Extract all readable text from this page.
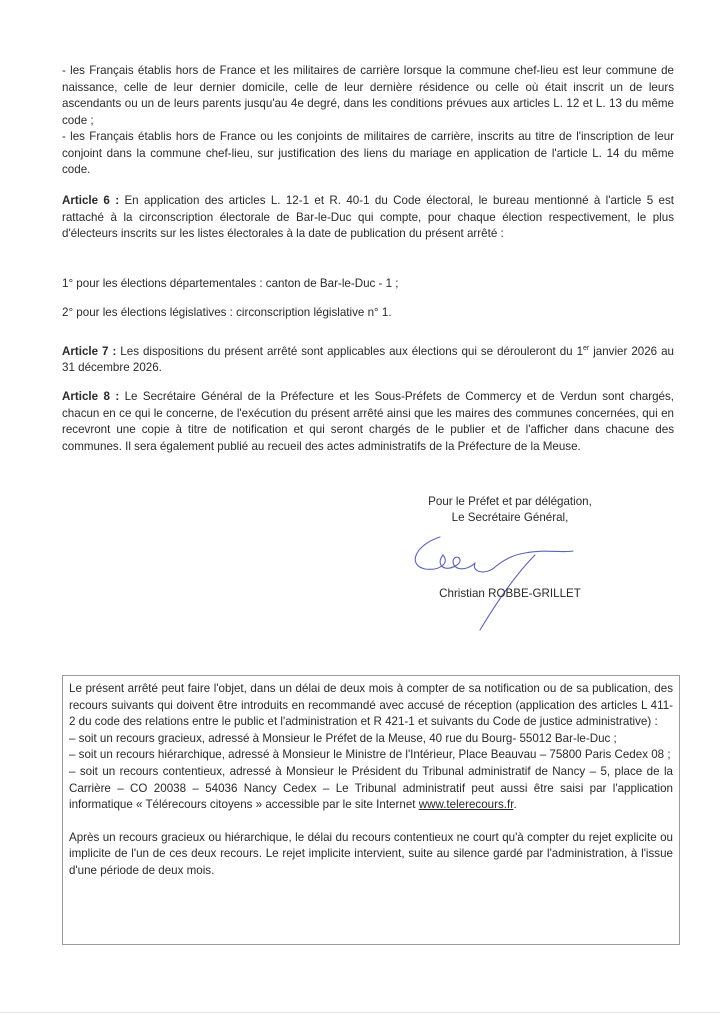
- les Français établis hors de France et les militaires de carrière lorsque la commune chef-lieu est leur commune de naissance, celle de leur dernier domicile, celle de leur dernière résidence ou celle où était inscrit un de leurs ascendants ou un de leurs parents jusqu'au 4e degré, dans les conditions prévues aux articles L. 12 et L. 13 du même code ;

- les Français établis hors de France ou les conjoints de militaires de carrière, inscrits au titre de l'inscription de leur conjoint dans la commune chef-lieu, sur justification des liens du mariage en application de l'article L. 14 du même code.

Article 6 : En application des articles L. 12-1 et R. 40-1 du Code électoral, le bureau mentionné à l'article 5 est rattaché à la circonscription électorale de Bar-le-Duc qui compte, pour chaque élection respectivement, le plus d'électeurs inscrits sur les listes électorales à la date de publication du présent arrêté :

1° pour les élections départementales : canton de Bar-le-Duc - 1 ;

2° pour les élections législatives : circonscription législative n° 1.

Article 7 : Les dispositions du présent arrêté sont applicables aux élections qui se dérouleront du 1er janvier 2026 au 31 décembre 2026.

Article 8 : Le Secrétaire Général de la Préfecture et les Sous-Préfets de Commercy et de Verdun sont chargés, chacun en ce qui le concerne, de l'exécution du présent arrêté ainsi que les maires des communes concernées, qui en recevront une copie à titre de notification et qui seront chargés de le publier et de l'afficher dans chacune des communes. Il sera également publié au recueil des actes administratifs de la Préfecture de la Meuse.

Pour le Préfet et par délégation,
Le Secrétaire Général,
Christian ROBBE-GRILLET

Le présent arrêté peut faire l'objet, dans un délai de deux mois à compter de sa notification ou de sa publication, des recours suivants qui doivent être introduits en recommandé avec accusé de réception (application des articles L 411-2 du code des relations entre le public et l'administration et R 421-1 et suivants du Code de justice administrative) :

– soit un recours gracieux, adressé à Monsieur le Préfet de la Meuse, 40 rue du Bourg- 55012 Bar-le-Duc ;

– soit un recours hiérarchique, adressé à Monsieur le Ministre de l'Intérieur, Place Beauvau – 75800 Paris Cedex 08 ;

– soit un recours contentieux, adressé à Monsieur le Président du Tribunal administratif de Nancy – 5, place de la Carrière – CO 20038 – 54036 Nancy Cedex – Le Tribunal administratif peut aussi être saisi par l'application informatique « Télérecours citoyens » accessible par le site Internet www.telerecours.fr.

Après un recours gracieux ou hiérarchique, le délai du recours contentieux ne court qu'à compter du rejet explicite ou implicite de l'un de ces deux recours. Le rejet implicite intervient, suite au silence gardé par l'administration, à l'issue d'une période de deux mois.
